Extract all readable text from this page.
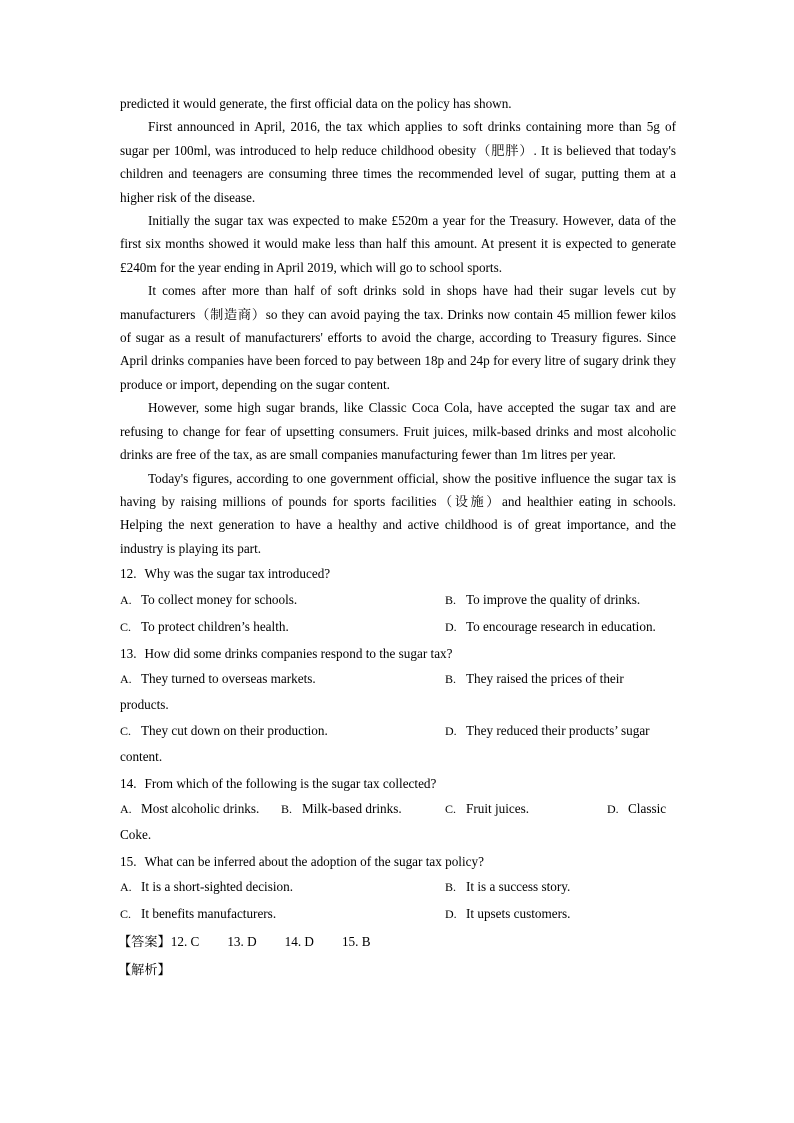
predicted it would generate, the first official data on the policy has shown.

First announced in April, 2016, the tax which applies to soft drinks containing more than 5g of sugar per 100ml, was introduced to help reduce childhood obesity（肥胖）. It is believed that today's children and teenagers are consuming three times the recommended level of sugar, putting them at a higher risk of the disease.

Initially the sugar tax was expected to make £520m a year for the Treasury. However, data of the first six months showed it would make less than half this amount. At present it is expected to generate £240m for the year ending in April 2019, which will go to school sports.

It comes after more than half of soft drinks sold in shops have had their sugar levels cut by manufacturers（制造商）so they can avoid paying the tax. Drinks now contain 45 million fewer kilos of sugar as a result of manufacturers' efforts to avoid the charge, according to Treasury figures. Since April drinks companies have been forced to pay between 18p and 24p for every litre of sugary drink they produce or import, depending on the sugar content.

However, some high sugar brands, like Classic Coca Cola, have accepted the sugar tax and are refusing to change for fear of upsetting consumers. Fruit juices, milk-based drinks and most alcoholic drinks are free of the tax, as are small companies manufacturing fewer than 1m litres per year.

Today's figures, according to one government official, show the positive influence the sugar tax is having by raising millions of pounds for sports facilities（设施）and healthier eating in schools. Helping the next generation to have a healthy and active childhood is of great importance, and the industry is playing its part.

12. Why was the sugar tax introduced?
A. To collect money for schools.	B. To improve the quality of drinks.
C. To protect children’s health.	D. To encourage research in education.
13. How did some drinks companies respond to the sugar tax?
A. They turned to overseas markets.	B. They raised the prices of their
products.
C. They cut down on their production.	D. They reduced their products’ sugar
content.
14. From which of the following is the sugar tax collected?
A. Most alcoholic drinks. B. Milk-based drinks.	C. Fruit juices.	D. Classic
Coke.
15. What can be inferred about the adoption of the sugar tax policy?
A. It is a short-sighted decision.	B. It is a success story.
C. It benefits manufacturers.	D. It upsets customers.
【答案】12. C 13. D 14. D 15. B
【解析】
